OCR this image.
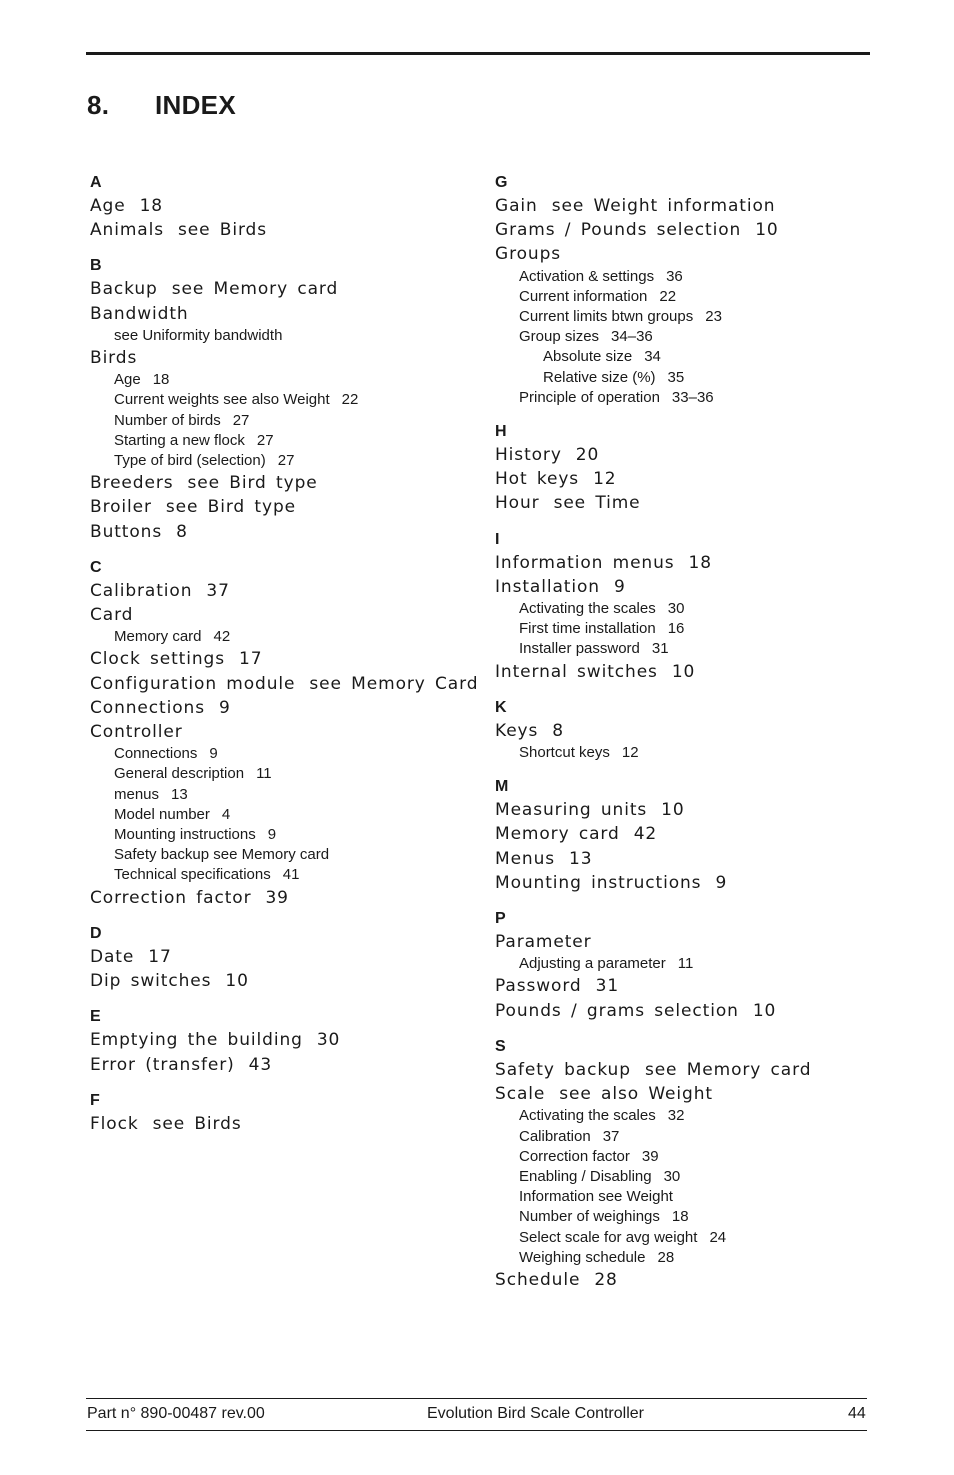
8. INDEX
A
Age 18
Animals see Birds
B
Backup see Memory card
Bandwidth
see Uniformity bandwidth
Birds
Age 18
Current weights see also Weight 22
Number of birds 27
Starting a new flock 27
Type of bird (selection) 27
Breeders see Bird type
Broiler see Bird type
Buttons 8
C
Calibration 37
Card
Memory card 42
Clock settings 17
Configuration module see Memory Card
Connections 9
Controller
Connections 9
General description 11
menus 13
Model number 4
Mounting instructions 9
Safety backup see Memory card
Technical specifications 41
Correction factor 39
D
Date 17
Dip switches 10
E
Emptying the building 30
Error (transfer) 43
F
Flock see Birds
G
Gain see Weight information
Grams / Pounds selection 10
Groups
Activation & settings 36
Current information 22
Current limits btwn groups 23
Group sizes 34–36
Absolute size 34
Relative size (%) 35
Principle of operation 33–36
H
History 20
Hot keys 12
Hour see Time
I
Information menus 18
Installation 9
Activating the scales 30
First time installation 16
Installer password 31
Internal switches 10
K
Keys 8
Shortcut keys 12
M
Measuring units 10
Memory card 42
Menus 13
Mounting instructions 9
P
Parameter
Adjusting a parameter 11
Password 31
Pounds / grams selection 10
S
Safety backup see Memory card
Scale see also Weight
Activating the scales 32
Calibration 37
Correction factor 39
Enabling / Disabling 30
Information see Weight
Number of weighings 18
Select scale for avg weight 24
Weighing schedule 28
Schedule 28
Part n° 890-00487 rev.00	Evolution Bird Scale Controller	44
